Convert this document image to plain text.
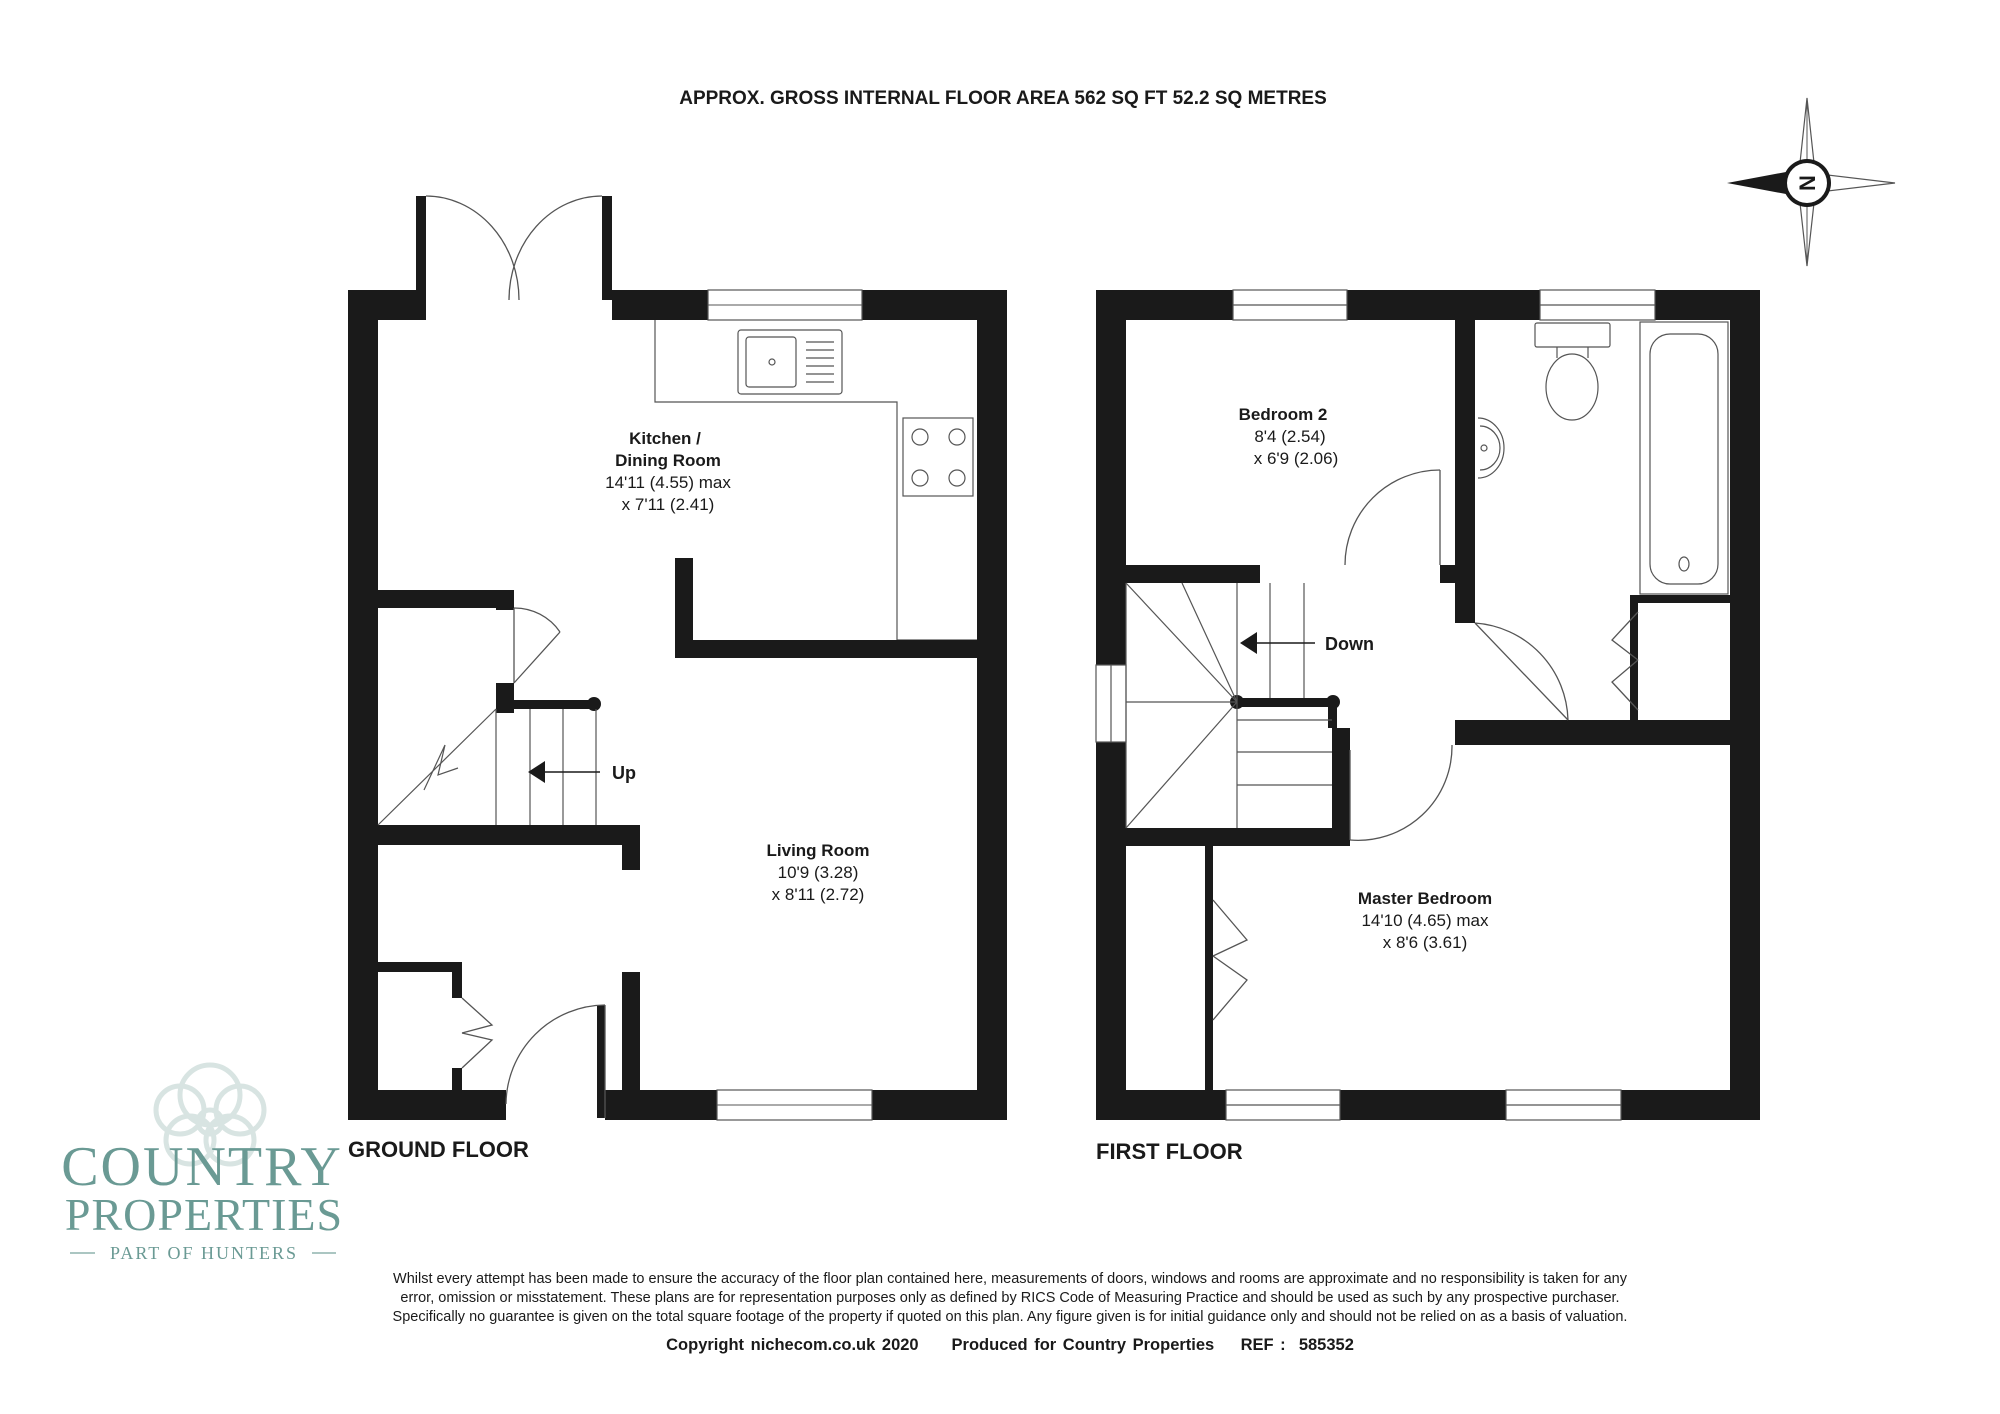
APPROX. GROSS INTERNAL FLOOR AREA 562 SQ FT 52.2 SQ METRES
N
Up
Kitchen /
Dining Room
14'11 (4.55) max
x 7'11 (2.41)
Living Room
10'9 (3.28)
x 8'11 (2.72)
GROUND FLOOR
Down
Bedroom 2
8'4 (2.54)
x 6'9 (2.06)
Master Bedroom
14'10 (4.65) max
x 8'6 (3.61)
FIRST FLOOR
COUNTRY
PROPERTIES
PART OF HUNTERS
Whilst every attempt has been made to ensure the accuracy of the floor plan contained here, measurements of doors, windows and rooms are approximate and no responsibility is taken for any
error, omission or misstatement. These plans are for representation purposes only as defined by RICS Code of Measuring Practice and should be used as such by any prospective purchaser.
Specifically no guarantee is given on the total square footage of the property if quoted on this plan. Any figure given is for initial guidance only and should not be relied on as a basis of valuation.
Copyright nichecom.co.uk 2020     Produced for Country Properties    REF :  585352
